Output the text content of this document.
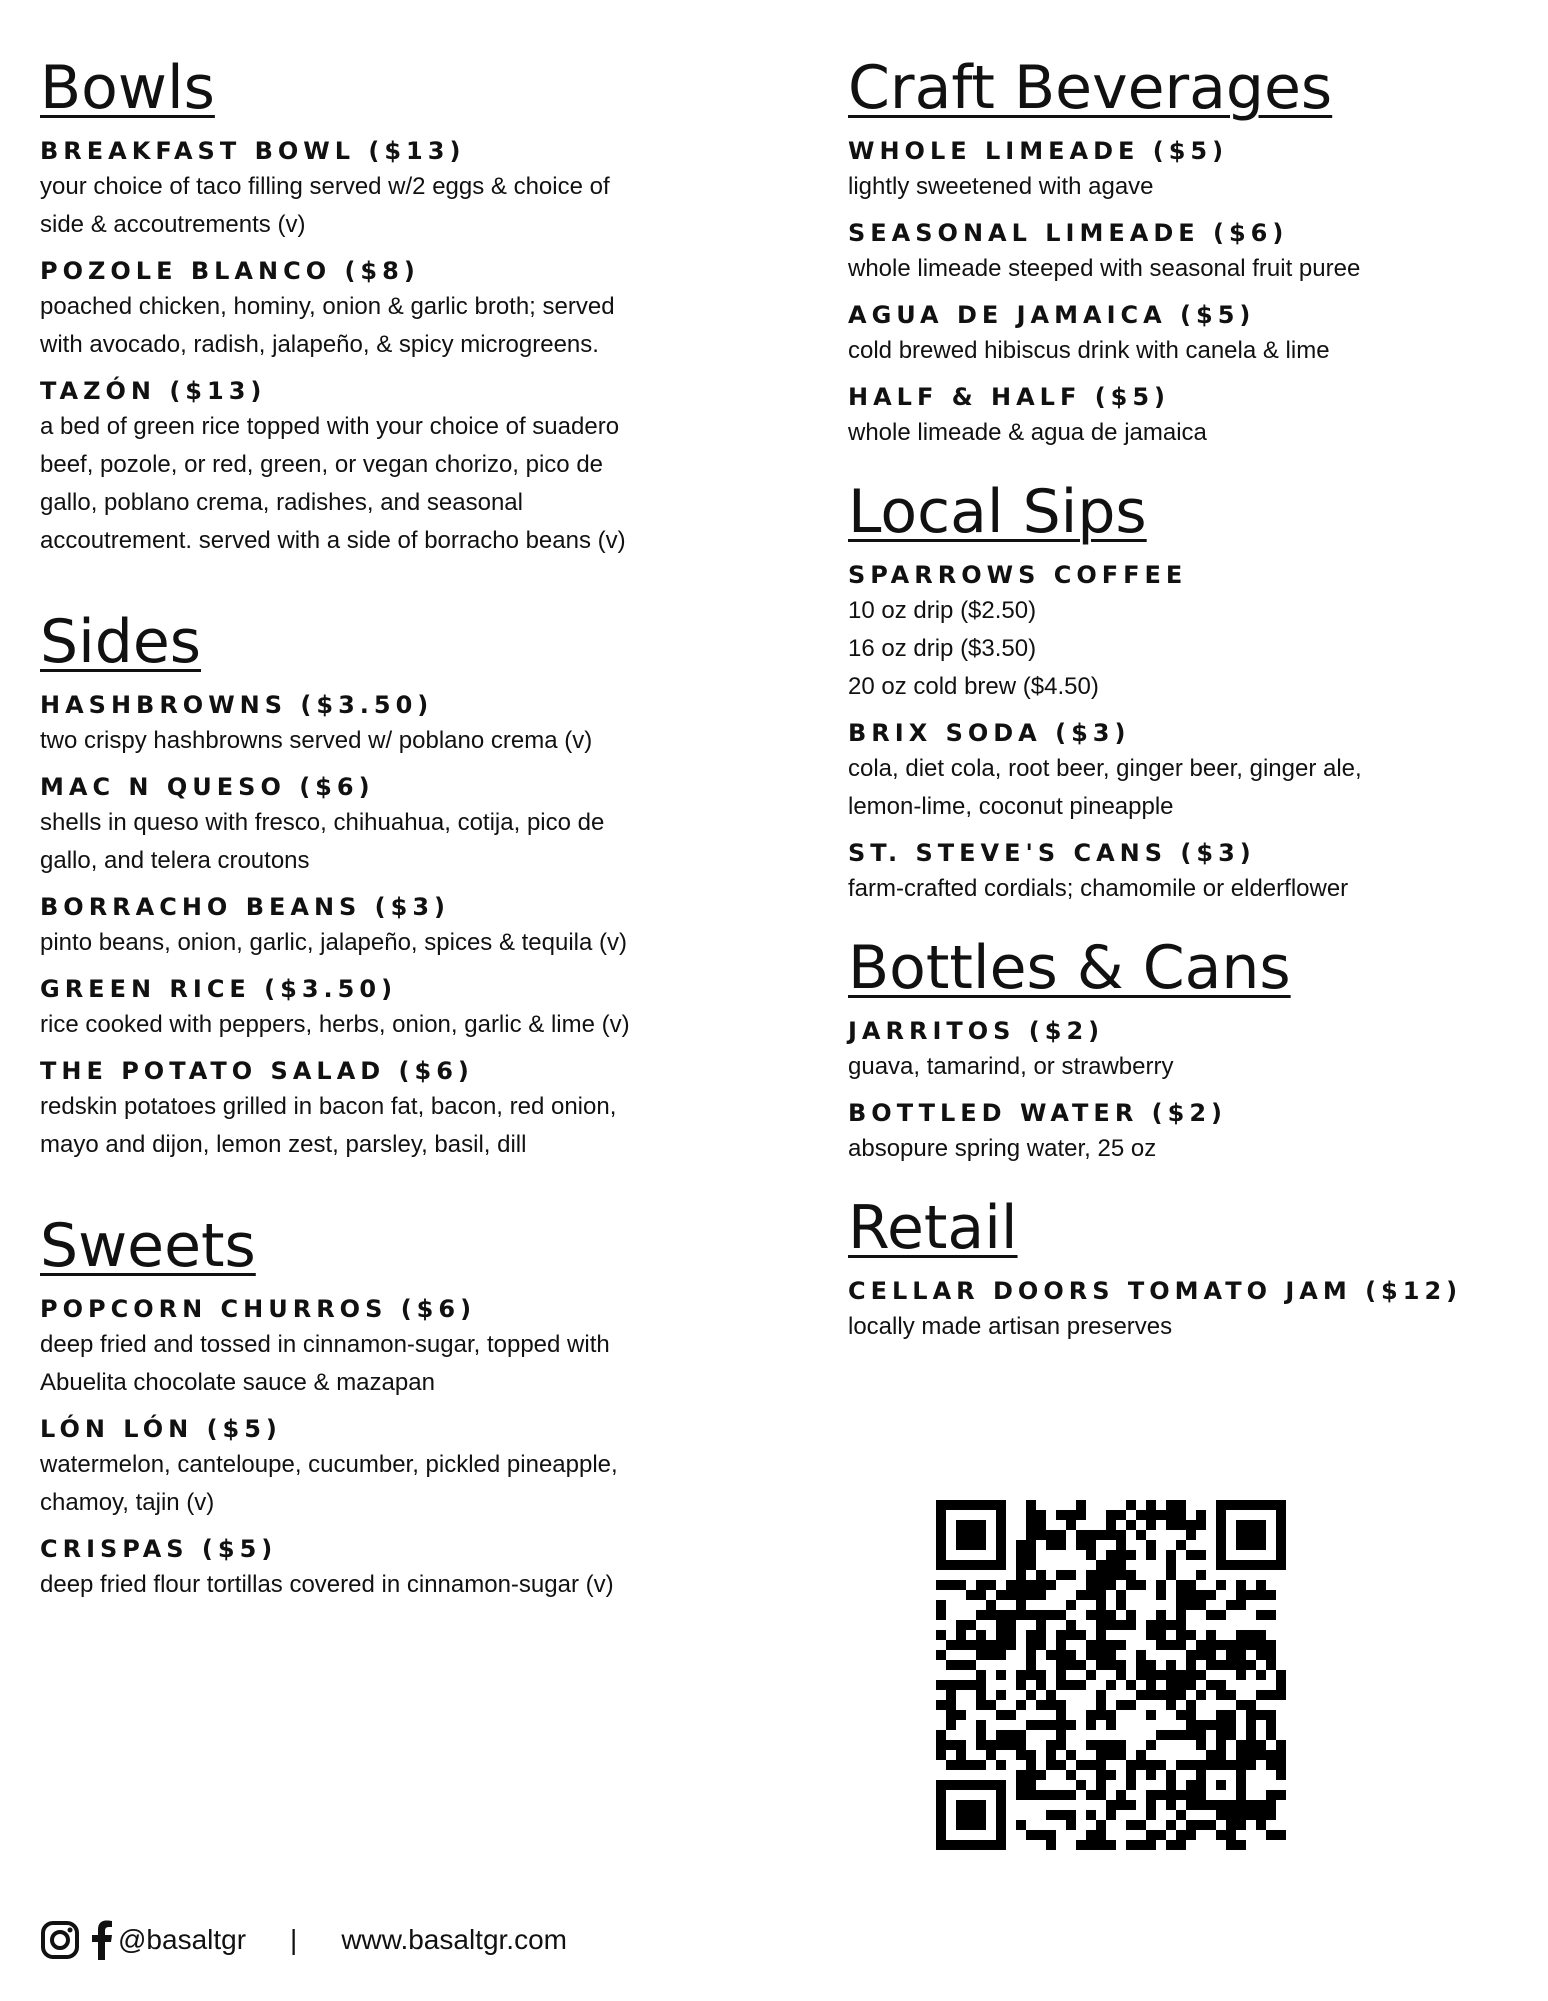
Bowls

BREAKFAST BOWL ($13)

your choice of taco filling served w/2 eggs & choice of

side & accoutrements (v)

POZOLE BLANCO ($8)

poached chicken, hominy, onion & garlic broth; served

with avocado, radish, jalapeño, & spicy microgreens.

TAZÓN ($13)

a bed of green rice topped with your choice of suadero

beef, pozole, or red, green, or vegan chorizo, pico de

gallo, poblano crema, radishes, and seasonal

accoutrement. served with a side of borracho beans (v)

Sides

HASHBROWNS ($3.50)

two crispy hashbrowns served w/ poblano crema (v)

MAC N QUESO ($6)

shells in queso with fresco, chihuahua, cotija, pico de

gallo, and telera croutons

BORRACHO BEANS ($3)

pinto beans, onion, garlic, jalapeño, spices & tequila (v)

GREEN RICE ($3.50)

rice cooked with peppers, herbs, onion, garlic & lime (v)

THE POTATO SALAD ($6)

redskin potatoes grilled in bacon fat, bacon, red onion,

mayo and dijon, lemon zest, parsley, basil, dill

Sweets

POPCORN CHURROS ($6)

deep fried and tossed in cinnamon-sugar, topped with

Abuelita chocolate sauce & mazapan

LÓN LÓN ($5)

watermelon, canteloupe, cucumber, pickled pineapple,

chamoy, tajin (v)

CRISPAS ($5)

deep fried flour tortillas covered in cinnamon-sugar (v)

Craft Beverages

WHOLE LIMEADE ($5)

lightly sweetened with agave

SEASONAL LIMEADE ($6)

whole limeade steeped with seasonal fruit puree

AGUA DE JAMAICA ($5)

cold brewed hibiscus drink with canela & lime

HALF & HALF ($5)

whole limeade & agua de jamaica

Local Sips

SPARROWS COFFEE

10 oz drip ($2.50)

16 oz drip ($3.50)

20 oz cold brew ($4.50)

BRIX SODA ($3)

cola, diet cola, root beer, ginger beer, ginger ale,

lemon-lime, coconut pineapple

ST. STEVE'S CANS ($3)

farm-crafted cordials; chamomile or elderflower

Bottles & Cans

JARRITOS ($2)

guava, tamarind, or strawberry

BOTTLED WATER ($2)

absopure spring water, 25 oz

Retail

CELLAR DOORS TOMATO JAM ($12)

locally made artisan preserves

@basaltgr | www.basaltgr.com
